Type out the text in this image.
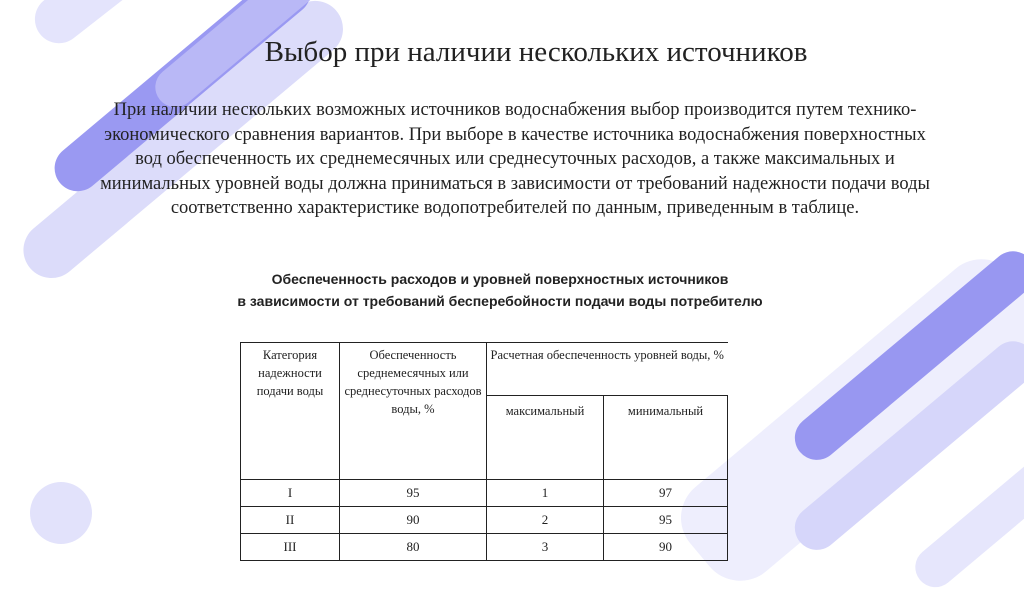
Выбор при наличии нескольких источников
При наличии нескольких возможных источников водоснабжения выбор производится путем технико-экономического сравнения вариантов. При выборе в качестве источника водоснабжения поверхностных вод обеспеченность их среднемесячных или среднесуточных расходов, а также максимальных и минимальных уровней воды должна приниматься в зависимости от требований надежности подачи воды соответственно характеристике водопотребителей по данным, приведенным в таблице.
Обеспеченность расходов и уровней поверхностных источников
в зависимости от требований бесперебойности подачи воды потребителю
Категория надежности подачи воды	Обеспеченность среднемесячных или среднесуточных расходов воды, %	Расчетная обеспеченность уровней воды, %	
		максимальный	минимальный
I	95	1	97
II	90	2	95
III	80	3	90
